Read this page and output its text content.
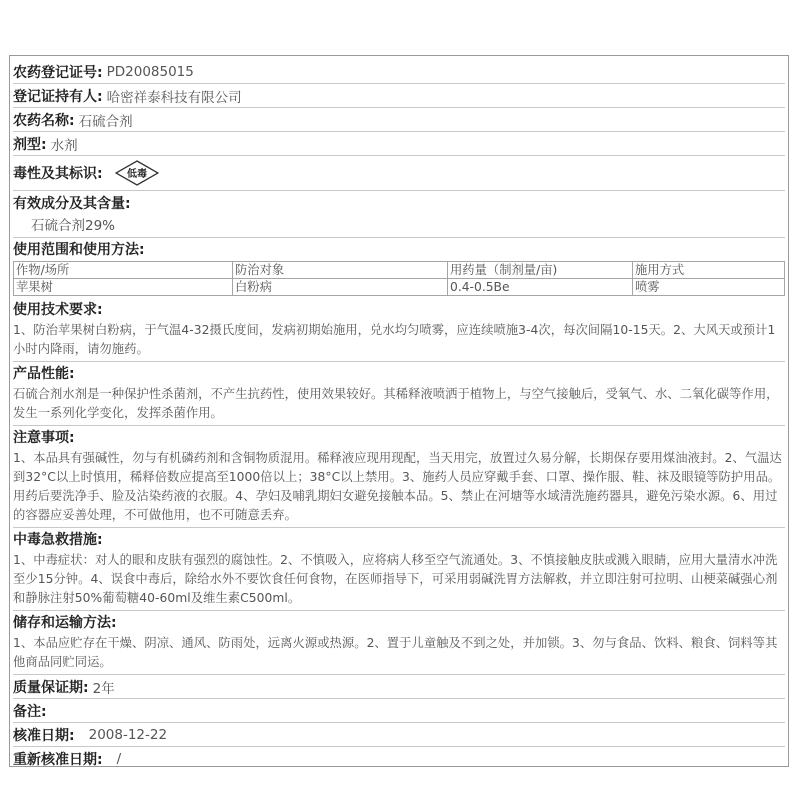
农药登记证号: PD20085015
登记证持有人: 哈密祥泰科技有限公司
农药名称: 石硫合剂
剂型: 水剂
毒性及其标识: 低毒
有效成分及其含量:
石硫合剂29%
使用范围和使用方法:
作物/场所	防治对象	用药量（制剂量/亩)	施用方式
苹果树	白粉病	0.4-0.5Be	喷雾
使用技术要求:

1、防治苹果树白粉病，于气温4-32摄氏度间，发病初期始施用，兑水均匀喷雾，应连续喷施3-4次，每次间隔10-15天。2、大风天或预计1小时内降雨，请勿施药。

产品性能:

石硫合剂水剂是一种保护性杀菌剂，不产生抗药性，使用效果较好。其稀释液喷洒于植物上，与空气接触后，受氧气、水、二氧化碳等作用，发生一系列化学变化，发挥杀菌作用。

注意事项:

1、本品具有强碱性，勿与有机磷药剂和含铜物质混用。稀释液应现用现配，当天用完，放置过久易分解，长期保存要用煤油液封。2、气温达到32°C以上时慎用，稀释倍数应提高至1000倍以上；38°C以上禁用。3、施药人员应穿戴手套、口罩、操作服、鞋、袜及眼镜等防护用品。用药后要洗净手、脸及沾染药液的衣服。4、孕妇及哺乳期妇女避免接触本品。5、禁止在河塘等水域清洗施药器具，避免污染水源。6、用过的容器应妥善处理，不可做他用，也不可随意丢弃。

中毒急救措施:

1、中毒症状：对人的眼和皮肤有强烈的腐蚀性。2、不慎吸入，应将病人移至空气流通处。3、不慎接触皮肤或溅入眼睛，应用大量清水冲洗至少15分钟。4、误食中毒后，除给水外不要饮食任何食物，在医师指导下，可采用弱碱洗胃方法解救，并立即注射可拉明、山梗菜碱强心剂和静脉注射50%葡萄糖40-60ml及维生素C500ml。

储存和运输方法:

1、本品应贮存在干燥、阴凉、通风、防雨处，远离火源或热源。2、置于儿童触及不到之处，并加锁。3、勿与食品、饮料、粮食、饲料等其他商品同贮同运。

质量保证期: 2年
备注:
核准日期: 2008-12-22
重新核准日期: /
